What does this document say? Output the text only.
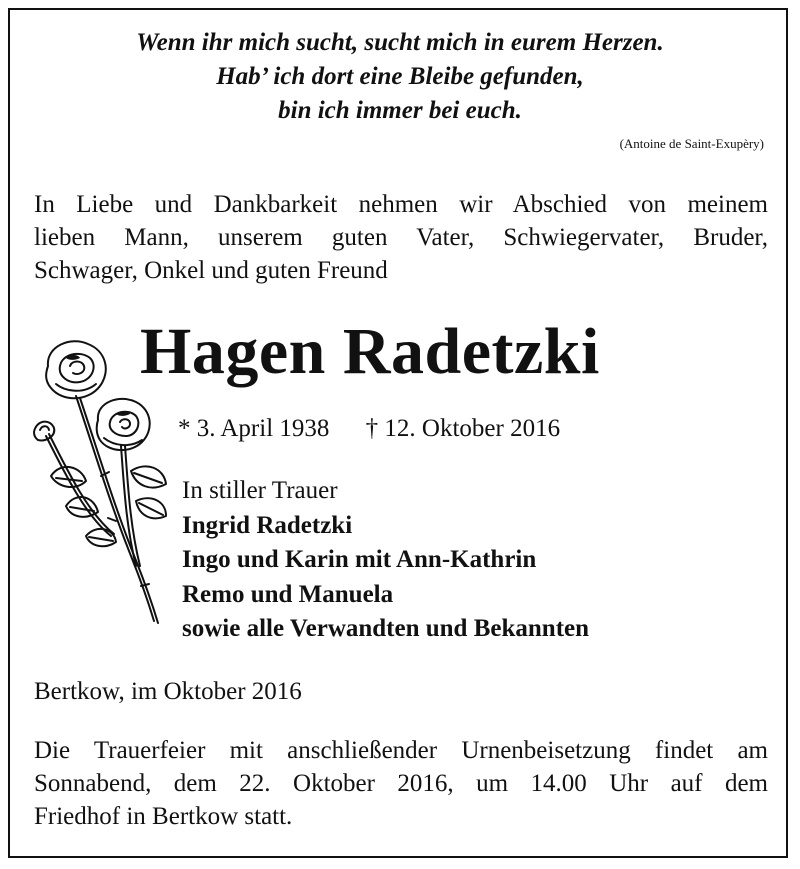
Wenn ihr mich sucht, sucht mich in eurem Herzen.
Hab’ ich dort eine Bleibe gefunden,
bin ich immer bei euch.
(Antoine de Saint-Exupèry)
In Liebe und Dankbarkeit nehmen wir Abschied von meinem
lieben Mann, unserem guten Vater, Schwiegervater, Bruder,
Schwager, Onkel und guten Freund
Hagen Radetzki
* 3. April 1938 † 12. Oktober 2016
In stiller Trauer
Ingrid Radetzki
Ingo und Karin mit Ann-Kathrin
Remo und Manuela
sowie alle Verwandten und Bekannten
Bertkow, im Oktober 2016
Die Trauerfeier mit anschließender Urnenbeisetzung findet am
Sonnabend, dem 22. Oktober 2016, um 14.00 Uhr auf dem
Friedhof in Bertkow statt.
